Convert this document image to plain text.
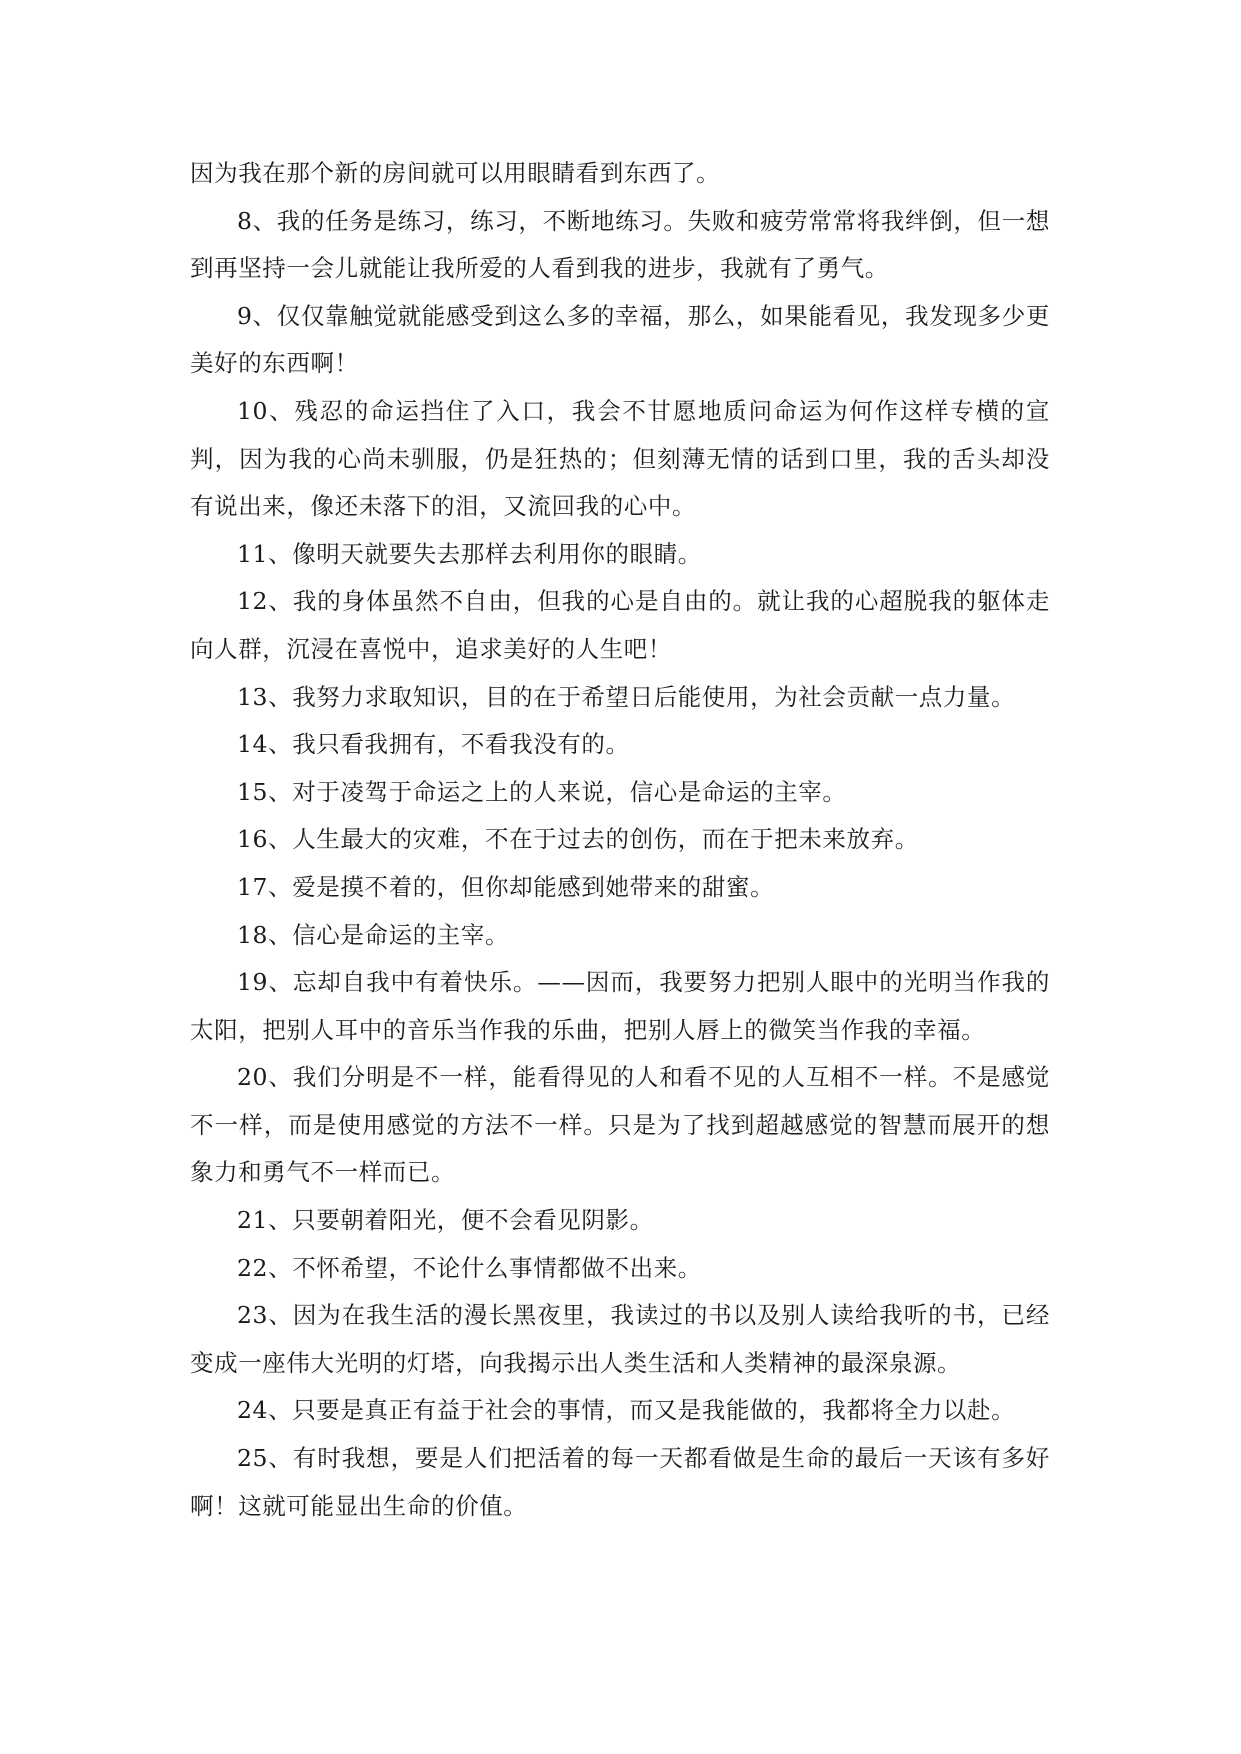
因为我在那个新的房间就可以用眼睛看到东西了。

8、我的任务是练习，练习，不断地练习。失败和疲劳常常将我绊倒，但一想到再坚持一会儿就能让我所爱的人看到我的进步，我就有了勇气。

9、仅仅靠触觉就能感受到这么多的幸福，那么，如果能看见，我发现多少更美好的东西啊！

10、残忍的命运挡住了入口，我会不甘愿地质问命运为何作这样专横的宣判，因为我的心尚未驯服，仍是狂热的；但刻薄无情的话到口里，我的舌头却没有说出来，像还未落下的泪，又流回我的心中。

11、像明天就要失去那样去利用你的眼睛。

12、我的身体虽然不自由，但我的心是自由的。就让我的心超脱我的躯体走向人群，沉浸在喜悦中，追求美好的人生吧！

13、我努力求取知识，目的在于希望日后能使用，为社会贡献一点力量。

14、我只看我拥有，不看我没有的。

15、对于凌驾于命运之上的人来说，信心是命运的主宰。

16、人生最大的灾难，不在于过去的创伤，而在于把未来放弃。

17、爱是摸不着的，但你却能感到她带来的甜蜜。

18、信心是命运的主宰。

19、忘却自我中有着快乐。——因而，我要努力把别人眼中的光明当作我的太阳，把别人耳中的音乐当作我的乐曲，把别人唇上的微笑当作我的幸福。

20、我们分明是不一样，能看得见的人和看不见的人互相不一样。不是感觉不一样，而是使用感觉的方法不一样。只是为了找到超越感觉的智慧而展开的想象力和勇气不一样而已。

21、只要朝着阳光，便不会看见阴影。

22、不怀希望，不论什么事情都做不出来。

23、因为在我生活的漫长黑夜里，我读过的书以及别人读给我听的书，已经变成一座伟大光明的灯塔，向我揭示出人类生活和人类精神的最深泉源。

24、只要是真正有益于社会的事情，而又是我能做的，我都将全力以赴。

25、有时我想，要是人们把活着的每一天都看做是生命的最后一天该有多好啊！这就可能显出生命的价值。
